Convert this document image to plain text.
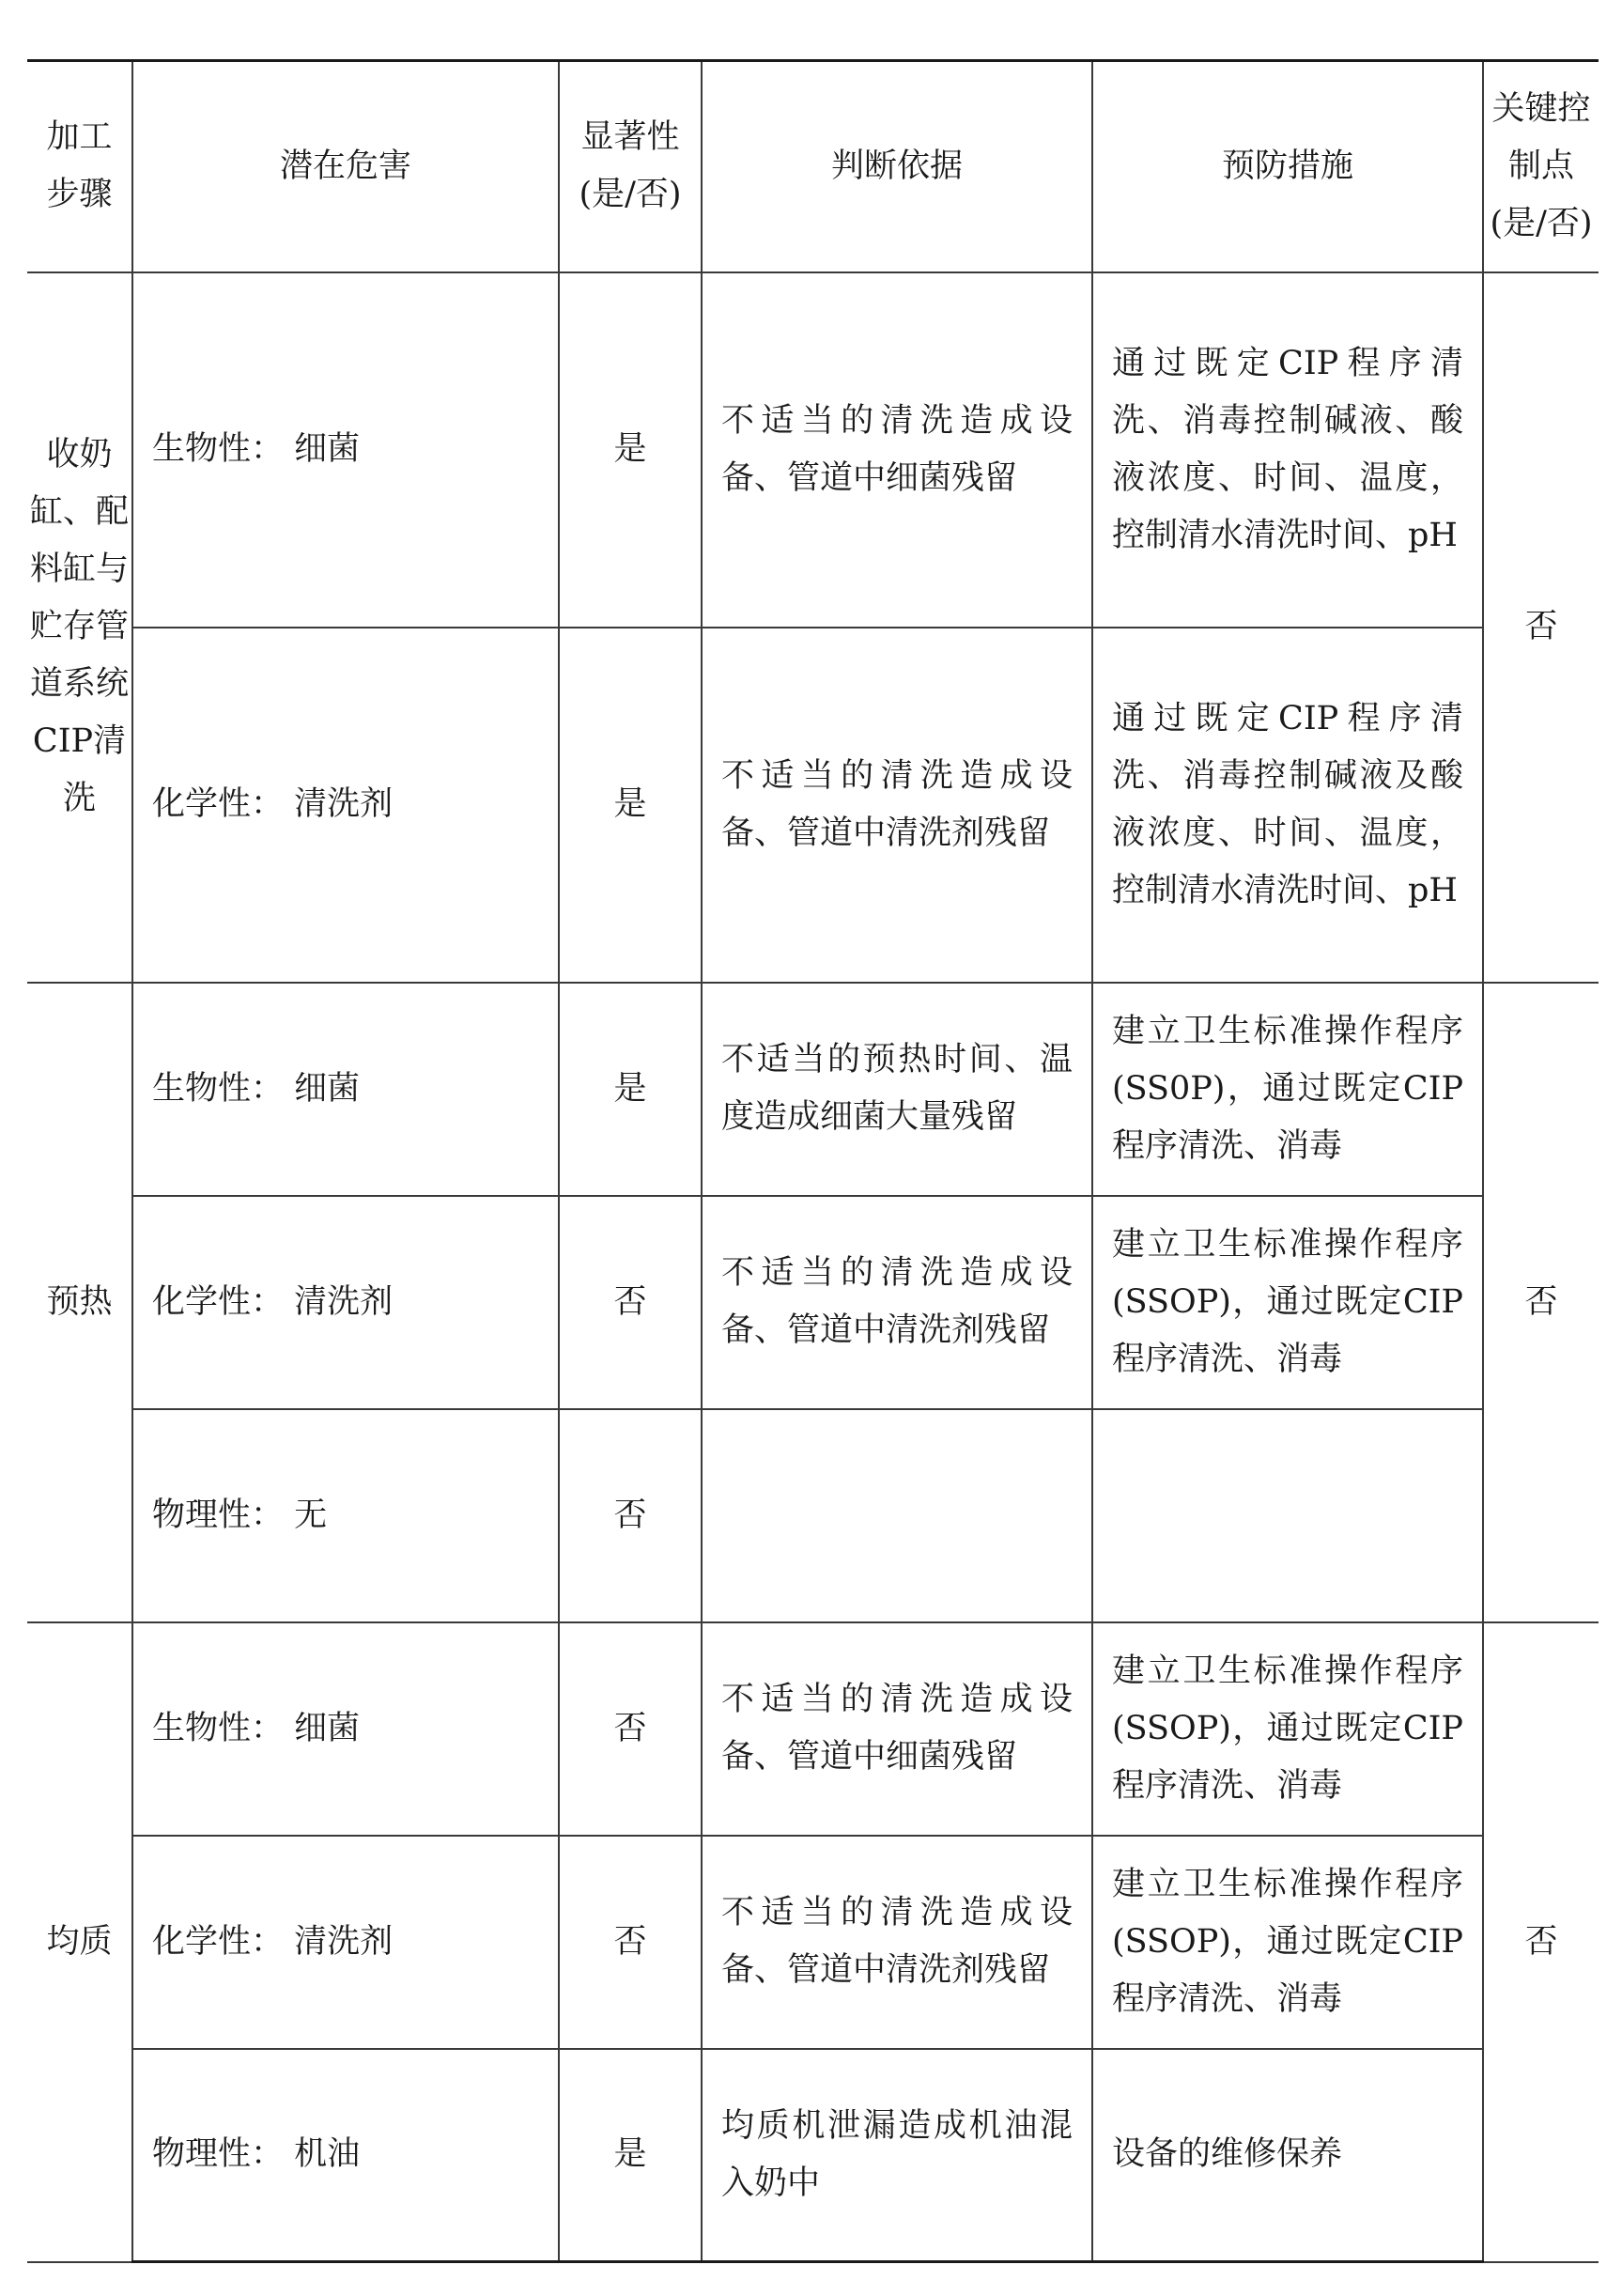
加工步骤	潜在危害	显著性(是/否)	判断依据	预防措施	关键控制点(是/否)
收奶缸、配料缸与贮存管道系统CIP清洗	生物性： 细菌	是	不适当的清洗造成设备、管道中细菌残留	通过既定CIP程序清洗、消毒控制碱液、酸液浓度、时间、温度，控制清水清洗时间、pH	否
	化学性： 清洗剂	是	不适当的清洗造成设备、管道中清洗剂残留	通过既定CIP程序清洗、消毒控制碱液及酸液浓度、时间、温度，控制清水清洗时间、pH	
预热	生物性： 细菌	是	不适当的预热时间、温度造成细菌大量残留	建立卫生标准操作程序(SS0P)，通过既定CIP程序清洗、消毒	否
	化学性： 清洗剂	否	不适当的清洗造成设备、管道中清洗剂残留	建立卫生标准操作程序(SSOP)，通过既定CIP程序清洗、消毒	
	物理性： 无	否			
均质	生物性： 细菌	否	不适当的清洗造成设备、管道中细菌残留	建立卫生标准操作程序(SSOP)，通过既定CIP程序清洗、消毒	否
	化学性： 清洗剂	否	不适当的清洗造成设备、管道中清洗剂残留	建立卫生标准操作程序(SSOP)，通过既定CIP程序清洗、消毒	
	物理性： 机油	是	均质机泄漏造成机油混入奶中	设备的维修保养	
